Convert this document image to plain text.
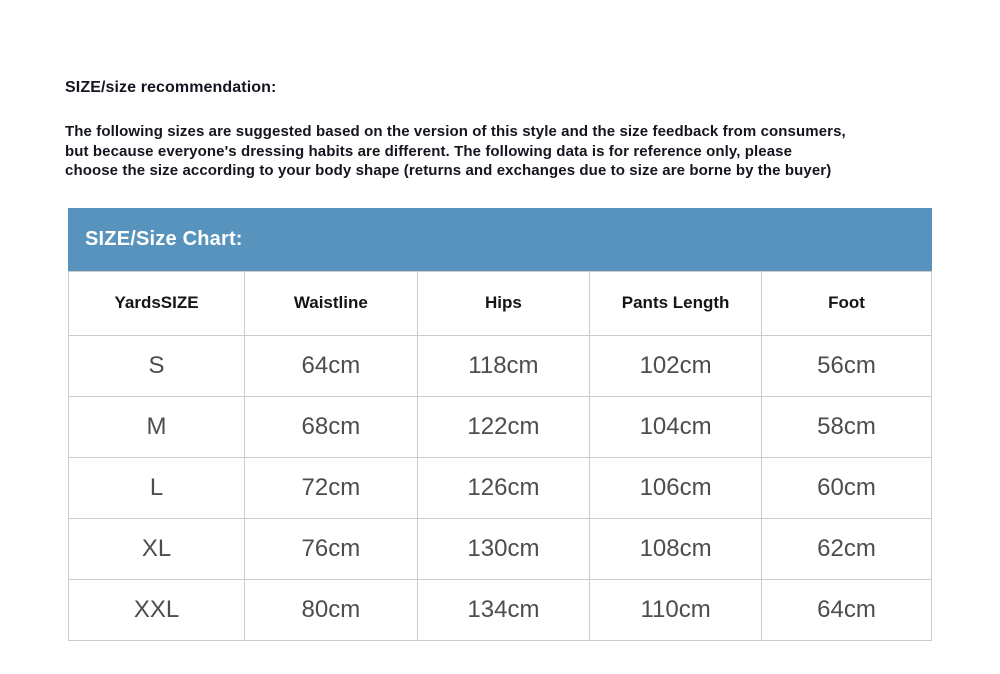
SIZE/size recommendation:
The following sizes are suggested based on the version of this style and the size feedback from consumers,
but because everyone's dressing habits are different. The following data is for reference only, please
choose the size according to your body shape (returns and exchanges due to size are borne by the buyer)
SIZE/Size Chart:
YardsSIZE	Waistline	Hips	Pants Length	Foot
S	64cm	118cm	102cm	56cm
M	68cm	122cm	104cm	58cm
L	72cm	126cm	106cm	60cm
XL	76cm	130cm	108cm	62cm
XXL	80cm	134cm	110cm	64cm
